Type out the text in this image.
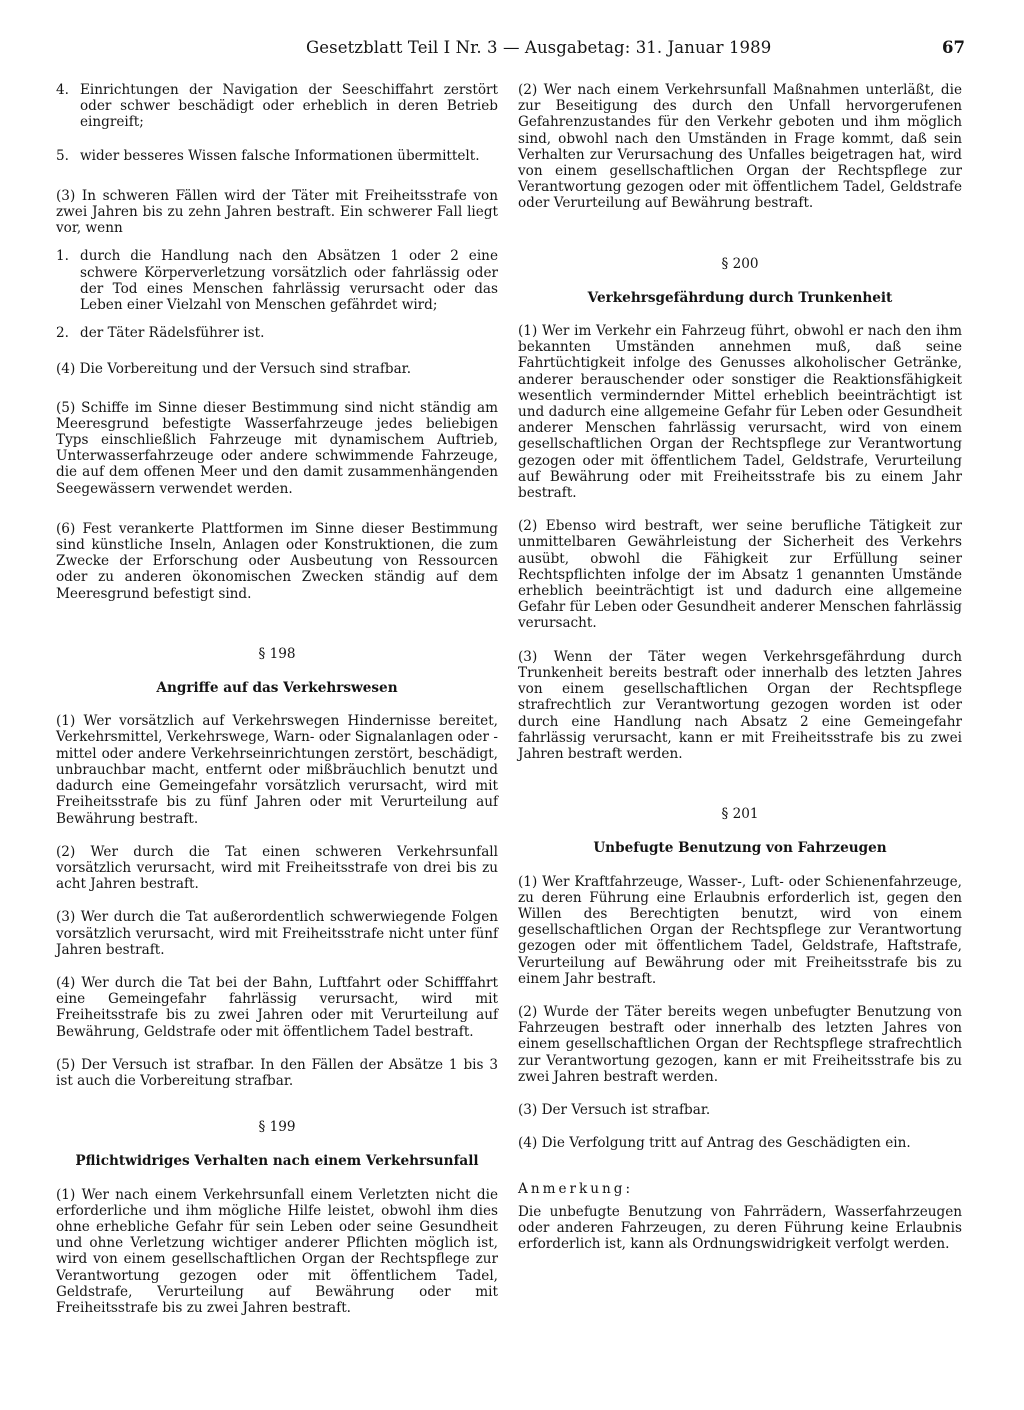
Gesetzblatt Teil I Nr. 3 — Ausgabetag: 31. Januar 1989	67
4. Einrichtungen der Navigation der Seeschiffahrt zerstört oder schwer beschädigt oder erheblich in deren Betrieb eingreift;
5. wider besseres Wissen falsche Informationen übermittelt.

(3) In schweren Fällen wird der Täter mit Freiheitsstrafe von zwei Jahren bis zu zehn Jahren bestraft. Ein schwerer Fall liegt vor, wenn

1. durch die Handlung nach den Absätzen 1 oder 2 eine schwere Körperverletzung vorsätzlich oder fahrlässig oder der Tod eines Menschen fahrlässig verursacht oder das Leben einer Vielzahl von Menschen gefährdet wird;
2. der Täter Rädelsführer ist.

(4) Die Vorbereitung und der Versuch sind strafbar.

(5) Schiffe im Sinne dieser Bestimmung sind nicht ständig am Meeresgrund befestigte Wasserfahrzeuge jedes beliebigen Typs einschließlich Fahrzeuge mit dynamischem Auftrieb, Unterwasserfahrzeuge oder andere schwimmende Fahrzeuge, die auf dem offenen Meer und den damit zusammenhängenden Seegewässern verwendet werden.

(6) Fest verankerte Plattformen im Sinne dieser Bestimmung sind künstliche Inseln, Anlagen oder Konstruktionen, die zum Zwecke der Erforschung oder Ausbeutung von Ressourcen oder zu anderen ökonomischen Zwecken ständig auf dem Meeresgrund befestigt sind.

§ 198
Angriffe auf das Verkehrswesen

(1) Wer vorsätzlich auf Verkehrswegen Hindernisse bereitet, Verkehrsmittel, Verkehrswege, Warn- oder Signalanlagen oder -mittel oder andere Verkehrseinrichtungen zerstört, beschädigt, unbrauchbar macht, entfernt oder mißbräuchlich benutzt und dadurch eine Gemeingefahr vorsätzlich verursacht, wird mit Freiheitsstrafe bis zu fünf Jahren oder mit Verurteilung auf Bewährung bestraft.

(2) Wer durch die Tat einen schweren Verkehrsunfall vorsätzlich verursacht, wird mit Freiheitsstrafe von drei bis zu acht Jahren bestraft.

(3) Wer durch die Tat außerordentlich schwerwiegende Folgen vorsätzlich verursacht, wird mit Freiheitsstrafe nicht unter fünf Jahren bestraft.

(4) Wer durch die Tat bei der Bahn, Luftfahrt oder Schifffahrt eine Gemeingefahr fahrlässig verursacht, wird mit Freiheitsstrafe bis zu zwei Jahren oder mit Verurteilung auf Bewährung, Geldstrafe oder mit öffentlichem Tadel bestraft.

(5) Der Versuch ist strafbar. In den Fällen der Absätze 1 bis 3 ist auch die Vorbereitung strafbar.

§ 199
Pflichtwidriges Verhalten nach einem Verkehrsunfall

(1) Wer nach einem Verkehrsunfall einem Verletzten nicht die erforderliche und ihm mögliche Hilfe leistet, obwohl ihm dies ohne erhebliche Gefahr für sein Leben oder seine Gesundheit und ohne Verletzung wichtiger anderer Pflichten möglich ist, wird von einem gesellschaftlichen Organ der Rechtspflege zur Verantwortung gezogen oder mit öffentlichem Tadel, Geldstrafe, Verurteilung auf Bewährung oder mit Freiheitsstrafe bis zu zwei Jahren bestraft.

(2) Wer nach einem Verkehrsunfall Maßnahmen unterläßt, die zur Beseitigung des durch den Unfall hervorgerufenen Gefahrenzustandes für den Verkehr geboten und ihm möglich sind, obwohl nach den Umständen in Frage kommt, daß sein Verhalten zur Verursachung des Unfalles beigetragen hat, wird von einem gesellschaftlichen Organ der Rechtspflege zur Verantwortung gezogen oder mit öffentlichem Tadel, Geldstrafe oder Verurteilung auf Bewährung bestraft.

§ 200
Verkehrsgefährdung durch Trunkenheit

(1) Wer im Verkehr ein Fahrzeug führt, obwohl er nach den ihm bekannten Umständen annehmen muß, daß seine Fahrtüchtigkeit infolge des Genusses alkoholischer Getränke, anderer berauschender oder sonstiger die Reaktionsfähigkeit wesentlich vermindernder Mittel erheblich beeinträchtigt ist und dadurch eine allgemeine Gefahr für Leben oder Gesundheit anderer Menschen fahrlässig verursacht, wird von einem gesellschaftlichen Organ der Rechtspflege zur Verantwortung gezogen oder mit öffentlichem Tadel, Geldstrafe, Verurteilung auf Bewährung oder mit Freiheitsstrafe bis zu einem Jahr bestraft.

(2) Ebenso wird bestraft, wer seine berufliche Tätigkeit zur unmittelbaren Gewährleistung der Sicherheit des Verkehrs ausübt, obwohl die Fähigkeit zur Erfüllung seiner Rechtspflichten infolge der im Absatz 1 genannten Umstände erheblich beeinträchtigt ist und dadurch eine allgemeine Gefahr für Leben oder Gesundheit anderer Menschen fahrlässig verursacht.

(3) Wenn der Täter wegen Verkehrsgefährdung durch Trunkenheit bereits bestraft oder innerhalb des letzten Jahres von einem gesellschaftlichen Organ der Rechtspflege strafrechtlich zur Verantwortung gezogen worden ist oder durch eine Handlung nach Absatz 2 eine Gemeingefahr fahrlässig verursacht, kann er mit Freiheitsstrafe bis zu zwei Jahren bestraft werden.

§ 201
Unbefugte Benutzung von Fahrzeugen

(1) Wer Kraftfahrzeuge, Wasser-, Luft- oder Schienenfahrzeuge, zu deren Führung eine Erlaubnis erforderlich ist, gegen den Willen des Berechtigten benutzt, wird von einem gesellschaftlichen Organ der Rechtspflege zur Verantwortung gezogen oder mit öffentlichem Tadel, Geldstrafe, Haftstrafe, Verurteilung auf Bewährung oder mit Freiheitsstrafe bis zu einem Jahr bestraft.

(2) Wurde der Täter bereits wegen unbefugter Benutzung von Fahrzeugen bestraft oder innerhalb des letzten Jahres von einem gesellschaftlichen Organ der Rechtspflege strafrechtlich zur Verantwortung gezogen, kann er mit Freiheitsstrafe bis zu zwei Jahren bestraft werden.

(3) Der Versuch ist strafbar.

(4) Die Verfolgung tritt auf Antrag des Geschädigten ein.

Anmerkung:

Die unbefugte Benutzung von Fahrrädern, Wasserfahrzeugen oder anderen Fahrzeugen, zu deren Führung keine Erlaubnis erforderlich ist, kann als Ordnungswidrigkeit verfolgt werden.
